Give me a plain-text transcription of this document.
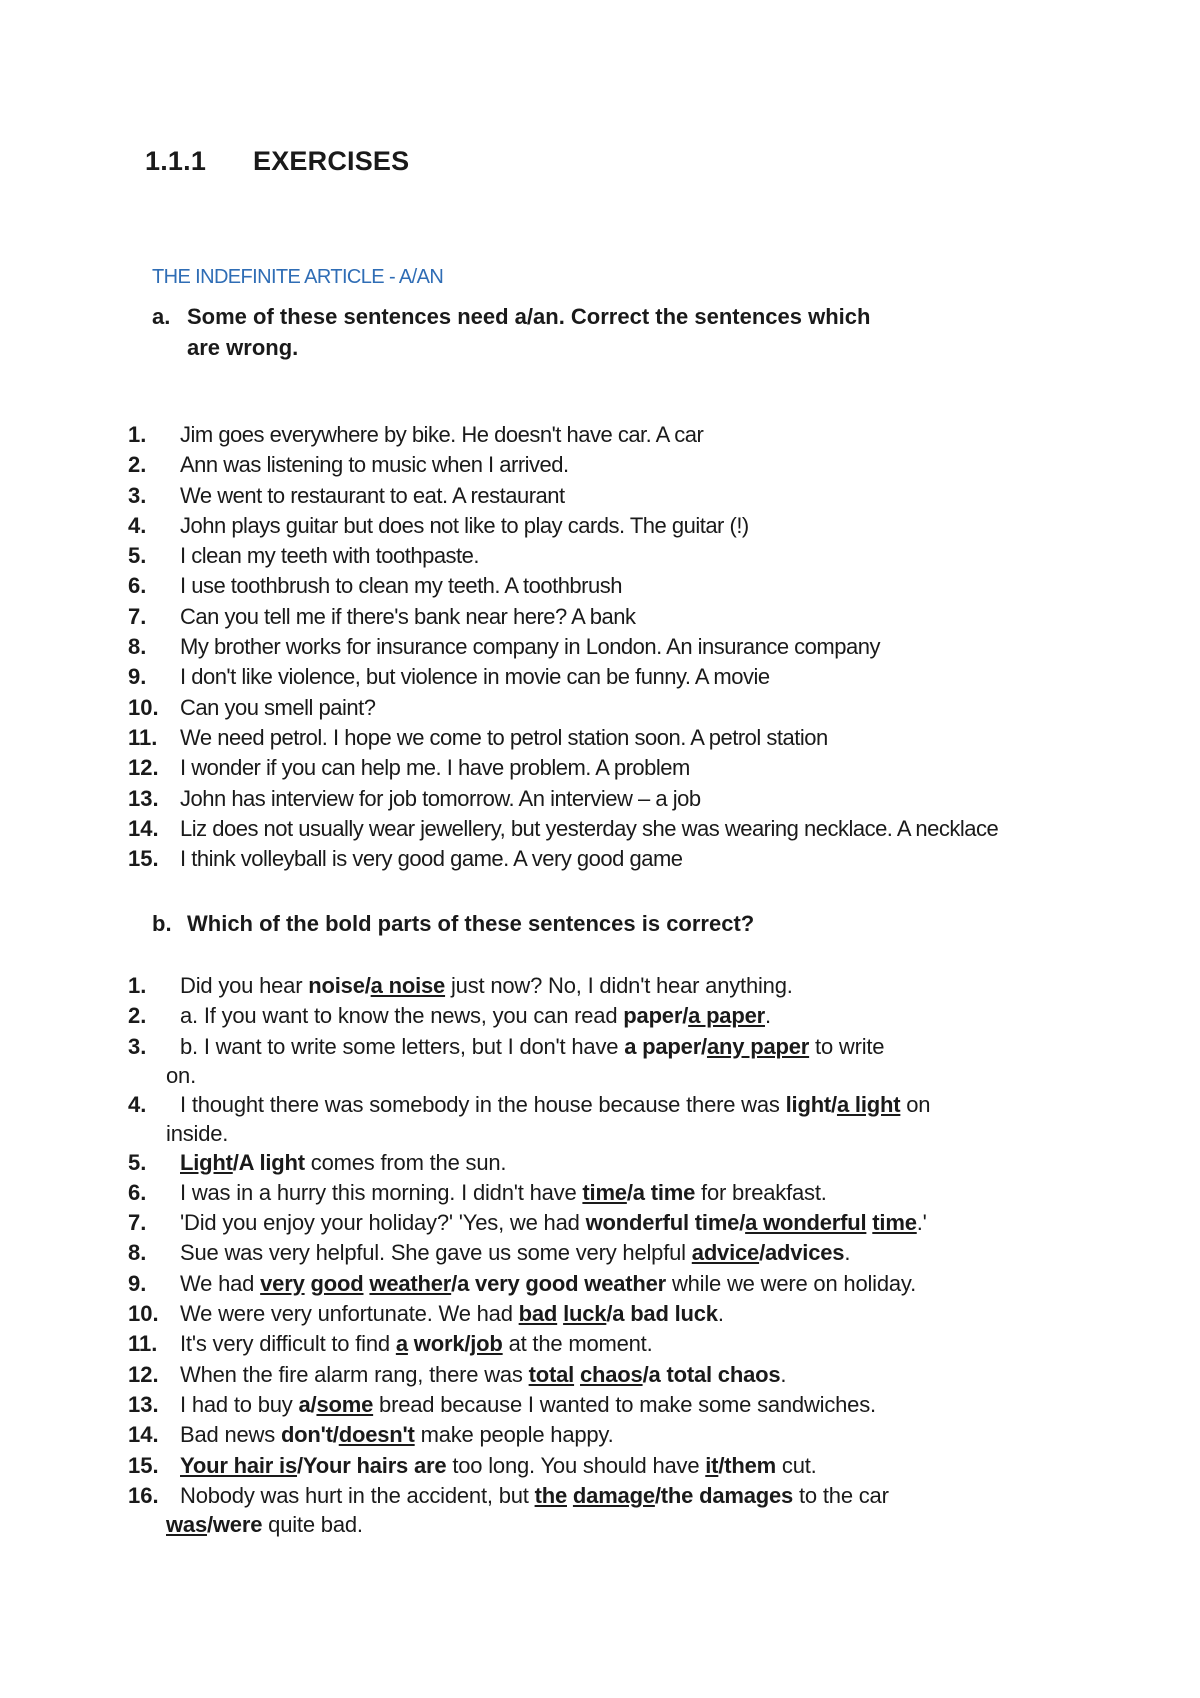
1.1.1 EXERCISES
THE INDEFINITE ARTICLE - A/AN
a. Some of these sentences need a/an. Correct the sentences which are wrong.
1. Jim goes everywhere by bike. He doesn't have car. A car
2. Ann was listening to music when I arrived.
3. We went to restaurant to eat. A restaurant
4. John plays guitar but does not like to play cards. The guitar (!)
5. I clean my teeth with toothpaste.
6. I use toothbrush to clean my teeth. A toothbrush
7. Can you tell me if there's bank near here? A bank
8. My brother works for insurance company in London. An insurance company
9. I don't like violence, but violence in movie can be funny. A movie
10. Can you smell paint?
11. We need petrol. I hope we come to petrol station soon. A petrol station
12. I wonder if you can help me. I have problem. A problem
13. John has interview for job tomorrow. An interview – a job
14. Liz does not usually wear jewellery, but yesterday she was wearing necklace. A necklace
15. I think volleyball is very good game. A very good game
b. Which of the bold parts of these sentences is correct?
1. Did you hear noise/a noise just now? No, I didn't hear anything.
2. a. If you want to know the news, you can read paper/a paper.
3. b. I want to write some letters, but I don't have a paper/any paper to write
on.
4. I thought there was somebody in the house because there was light/a light on
inside.
5. Light/A light comes from the sun.
6. I was in a hurry this morning. I didn't have time/a time for breakfast.
7. 'Did you enjoy your holiday?' 'Yes, we had wonderful time/a wonderful time.'
8. Sue was very helpful. She gave us some very helpful advice/advices.
9. We had very good weather/a very good weather while we were on holiday.
10. We were very unfortunate. We had bad luck/a bad luck.
11. It's very difficult to find a work/job at the moment.
12. When the fire alarm rang, there was total chaos/a total chaos.
13. I had to buy a/some bread because I wanted to make some sandwiches.
14. Bad news don't/doesn't make people happy.
15. Your hair is/Your hairs are too long. You should have it/them cut.
16. Nobody was hurt in the accident, but the damage/the damages to the car
was/were quite bad.
